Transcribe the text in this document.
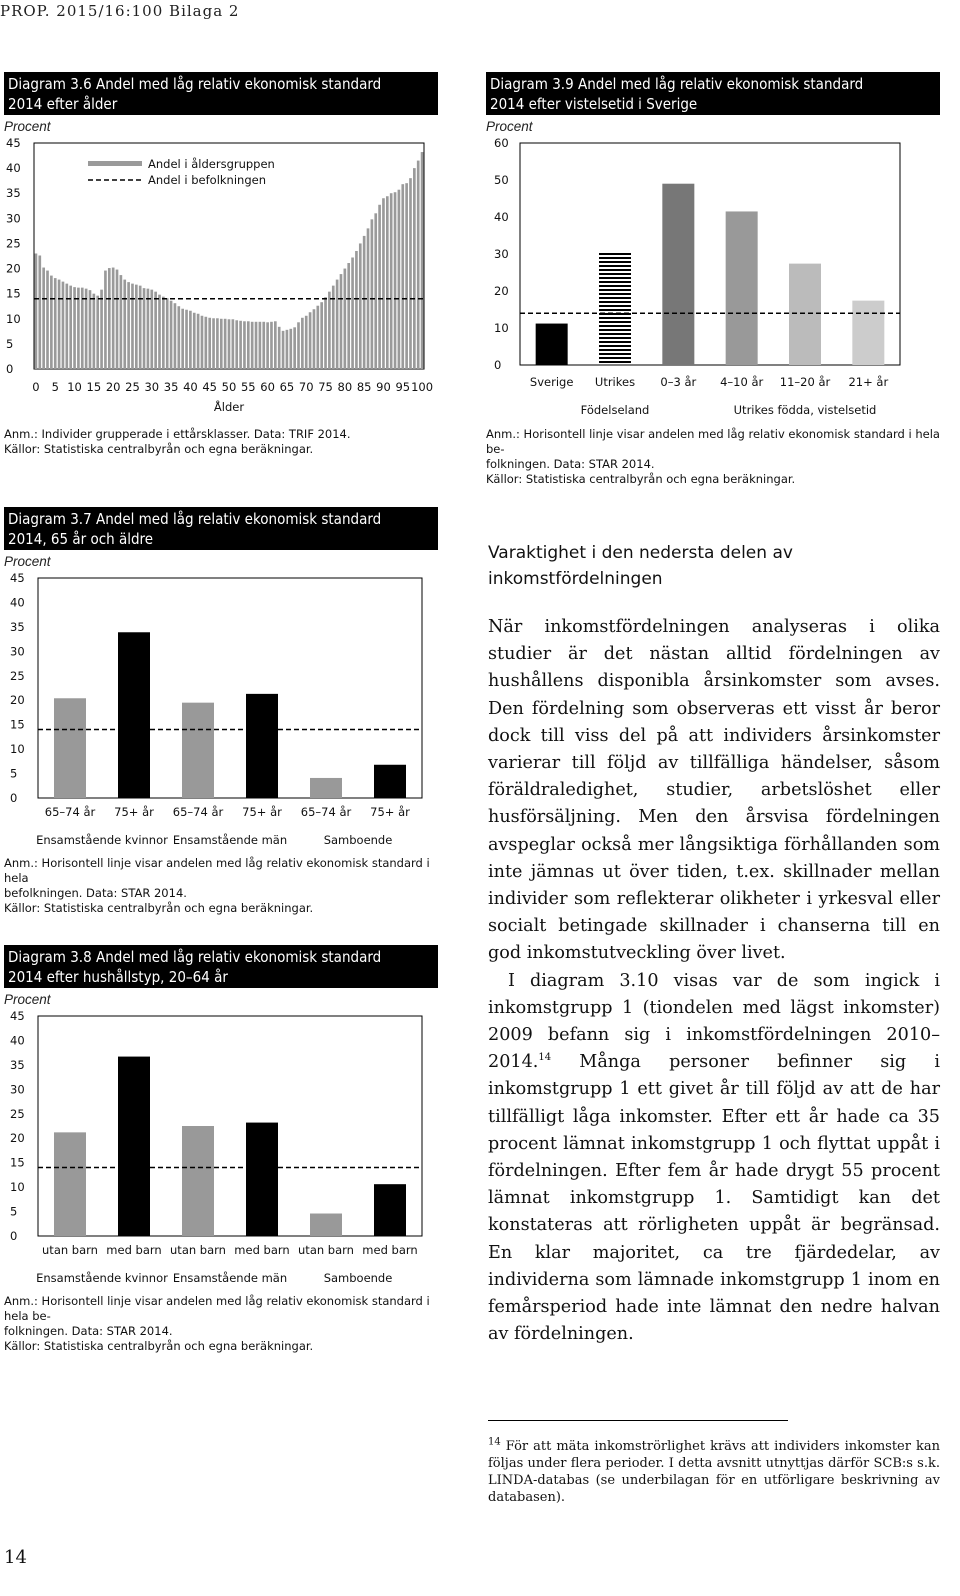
PROP. 2015/16:100 Bilaga 2
Diagram 3.6 Andel med låg relativ ekonomisk standard
2014 efter ålder
Procent
0
5
10
15
20
25
30
35
40
45
0 5 10 15 20 25 30 35 40 45 50 55 60 65 70 75 80 85 90 95 100
Ålder
Andel i åldersgruppen
Andel i befolkningen
Anm.: Individer grupperade i ettårsklasser. Data: TRIF 2014.
Källor: Statistiska centralbyrån och egna beräkningar.
Diagram 3.9 Andel med låg relativ ekonomisk standard
2014 efter vistelsetid i Sverige
Procent
0
10
20
30
40
50
60
Sverige Utrikes 0–3 år 4–10 år 11–20 år 21+ år
Födelseland	Utrikes födda, vistelsetid
Anm.: Horisontell linje visar andelen med låg relativ ekonomisk standard i hela be-
folkningen. Data: STAR 2014.
Källor: Statistiska centralbyrån och egna beräkningar.
Diagram 3.7 Andel med låg relativ ekonomisk standard
2014, 65 år och äldre
Procent
0
5
10
15
20
25
30
35
40
45
65–74 år 75+ år 65–74 år 75+ år 65–74 år 75+ år
Ensamstående kvinnor Ensamstående män	Samboende
Anm.: Horisontell linje visar andelen med låg relativ ekonomisk standard i hela
befolkningen. Data: STAR 2014.
Källor: Statistiska centralbyrån och egna beräkningar.
Diagram 3.8 Andel med låg relativ ekonomisk standard
2014 efter hushållstyp, 20–64 år
Procent
0
5
10
15
20
25
30
35
40
45
utan barn med barn utan barn med barn utan barn med barn
Ensamstående kvinnor Ensamstående män	Samboende
Anm.: Horisontell linje visar andelen med låg relativ ekonomisk standard i hela be-
folkningen. Data: STAR 2014.
Källor: Statistiska centralbyrån och egna beräkningar.
Varaktighet i den nedersta delen av
inkomstfördelningen

När inkomstfördelningen analyseras i olika studier är det nästan alltid fördelningen av hushållens disponibla årsinkomster som avses. Den fördelning som observeras ett visst år beror dock till viss del på att individers årsinkomster varierar till följd av tillfälliga händelser, såsom föräldraledighet, studier, arbetslöshet eller husförsäljning. Men den årsvisa fördelningen avspeglar också mer långsiktiga förhållanden som inte jämnas ut över tiden, t.ex. skillnader mellan individer som reflekterar olikheter i yrkesval eller socialt betingade skillnader i chanserna till en god inkomstutveckling över livet.

I diagram 3.10 visas var de som ingick i inkomstgrupp 1 (tiondelen med lägst inkomster) 2009 befann sig i inkomstfördelningen 2010–2014.14 Många personer befinner sig i inkomstgrupp 1 ett givet år till följd av att de har tillfälligt låga inkomster. Efter ett år hade ca 35 procent lämnat inkomstgrupp 1 och flyttat uppåt i fördelningen. Efter fem år hade drygt 55 procent lämnat inkomstgrupp 1. Samtidigt kan det konstateras att rörligheten uppåt är begränsad. En klar majoritet, ca tre fjärdedelar, av individerna som lämnade inkomstgrupp 1 inom en femårsperiod hade inte lämnat den nedre halvan av fördelningen.

$^{14}$ För att mäta inkomströrlighet krävs att individers inkomster kan följas under flera perioder. I detta avsnitt utnyttjas därför SCB:s s.k. LINDA-databas (se underbilagan för en utförligare beskrivning av databasen).
14
